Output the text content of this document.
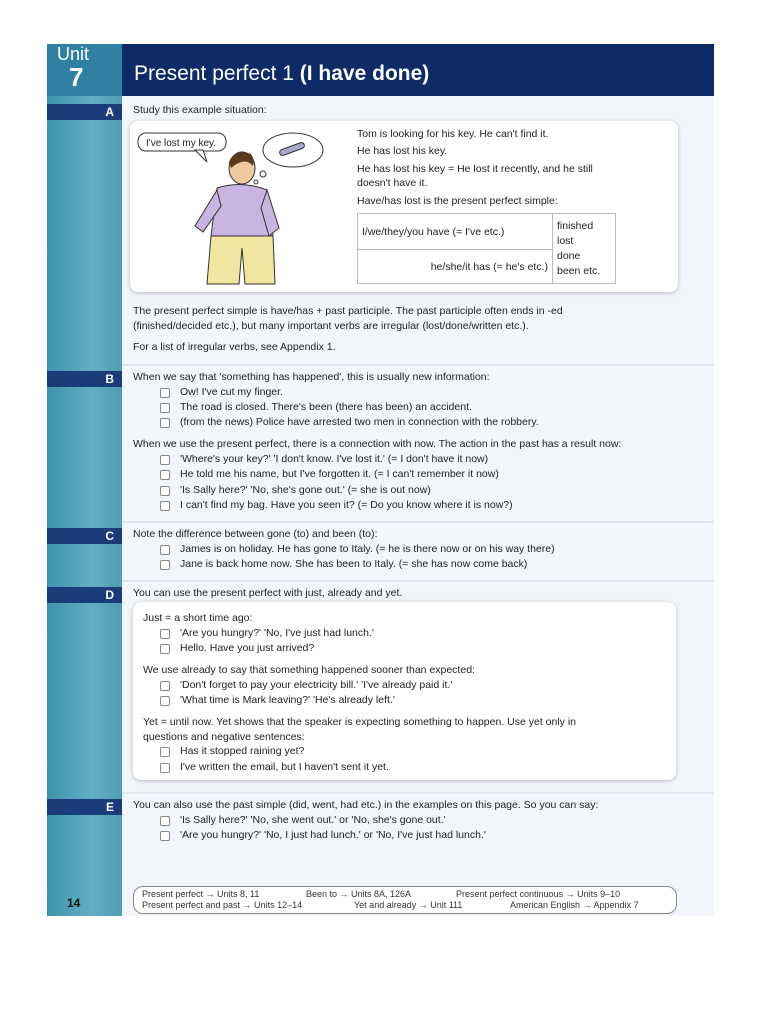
Unit
7 Present perfect 1 (I have done)
A
B
C
D
E
Study this example situation:
I've lost my key.
Tom is looking for his key. He can't find it.
He has lost his key.
He has lost his key = He lost it recently, and he still
doesn't have it.
Have/has lost is the present perfect simple:
I/we/they/you have (= I've etc.)	finished
lost
done
been etc.

he/she/it has (= he's etc.)
The present perfect simple is have/has + past participle. The past participle often ends in -ed
(finished/decided etc.), but many important verbs are irregular (lost/done/written etc.).
For a list of irregular verbs, see Appendix 1.
When we say that 'something has happened', this is usually new information:
Ow! I've cut my finger.
The road is closed. There's been (there has been) an accident.
(from the news) Police have arrested two men in connection with the robbery.
When we use the present perfect, there is a connection with now. The action in the past has a result now:
'Where's your key?' 'I don't know. I've lost it.' (= I don't have it now)
He told me his name, but I've forgotten it. (= I can't remember it now)
'Is Sally here?' 'No, she's gone out.' (= she is out now)
I can't find my bag. Have you seen it? (= Do you know where it is now?)
Note the difference between gone (to) and been (to):
James is on holiday. He has gone to Italy. (= he is there now or on his way there)
Jane is back home now. She has been to Italy. (= she has now come back)
You can use the present perfect with just, already and yet.
Just = a short time ago:
'Are you hungry?' 'No, I've just had lunch.'
Hello. Have you just arrived?
We use already to say that something happened sooner than expected:
'Don't forget to pay your electricity bill.' 'I've already paid it.'
'What time is Mark leaving?' 'He's already left.'
Yet = until now. Yet shows that the speaker is expecting something to happen. Use yet only in
questions and negative sentences:
Has it stopped raining yet?
I've written the email, but I haven't sent it yet.
You can also use the past simple (did, went, had etc.) in the examples on this page. So you can say:
'Is Sally here?' 'No, she went out.' or 'No, she's gone out.'
'Are you hungry?' 'No, I just had lunch.' or 'No, I've just had lunch.'
14
Present perfect → Units 8, 11	Been to → Units 8A, 126A	Present perfect continuous → Units 9–10
Present perfect and past → Units 12–14	Yet and already → Unit 111	American English → Appendix 7
